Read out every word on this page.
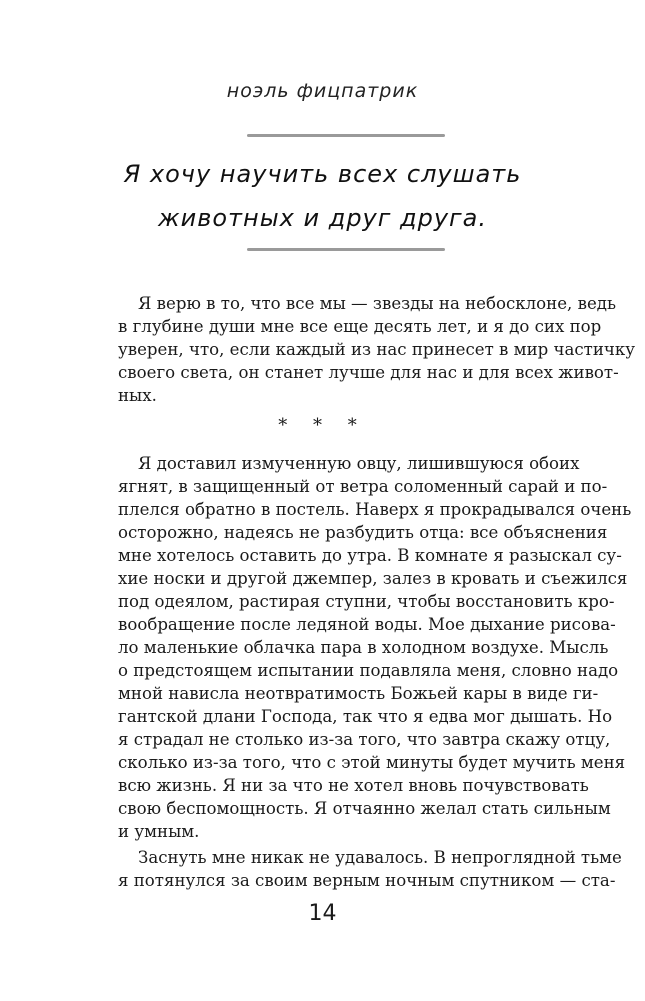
ноэль фицпатрик
Я хочу научить всех слушать
животных и друг друга.
Я верю в то, что все мы — звезды на небосклоне, ведь
в глубине души мне все еще десять лет, и я до сих пор
уверен, что, если каждый из нас принесет в мир частичку
своего света, он станет лучше для нас и для всех живот-
ных.
* * *
Я доставил измученную овцу, лишившуюся обоих
ягнят, в защищенный от ветра соломенный сарай и по-
плелся обратно в постель. Наверх я прокрадывался очень
осторожно, надеясь не разбудить отца: все объяснения
мне хотелось оставить до утра. В комнате я разыскал су-
хие носки и другой джемпер, залез в кровать и съежился
под одеялом, растирая ступни, чтобы восстановить кро-
вообращение после ледяной воды. Мое дыхание рисова-
ло маленькие облачка пара в холодном воздухе. Мысль
о предстоящем испытании подавляла меня, словно надо
мной нависла неотвратимость Божьей кары в виде ги-
гантской длани Господа, так что я едва мог дышать. Но
я страдал не столько из-за того, что завтра скажу отцу,
сколько из-за того, что с этой минуты будет мучить меня
всю жизнь. Я ни за что не хотел вновь почувствовать
свою беспомощность. Я отчаянно желал стать сильным
и умным.
Заснуть мне никак не удавалось. В непроглядной тьме
я потянулся за своим верным ночным спутником — ста-
14
